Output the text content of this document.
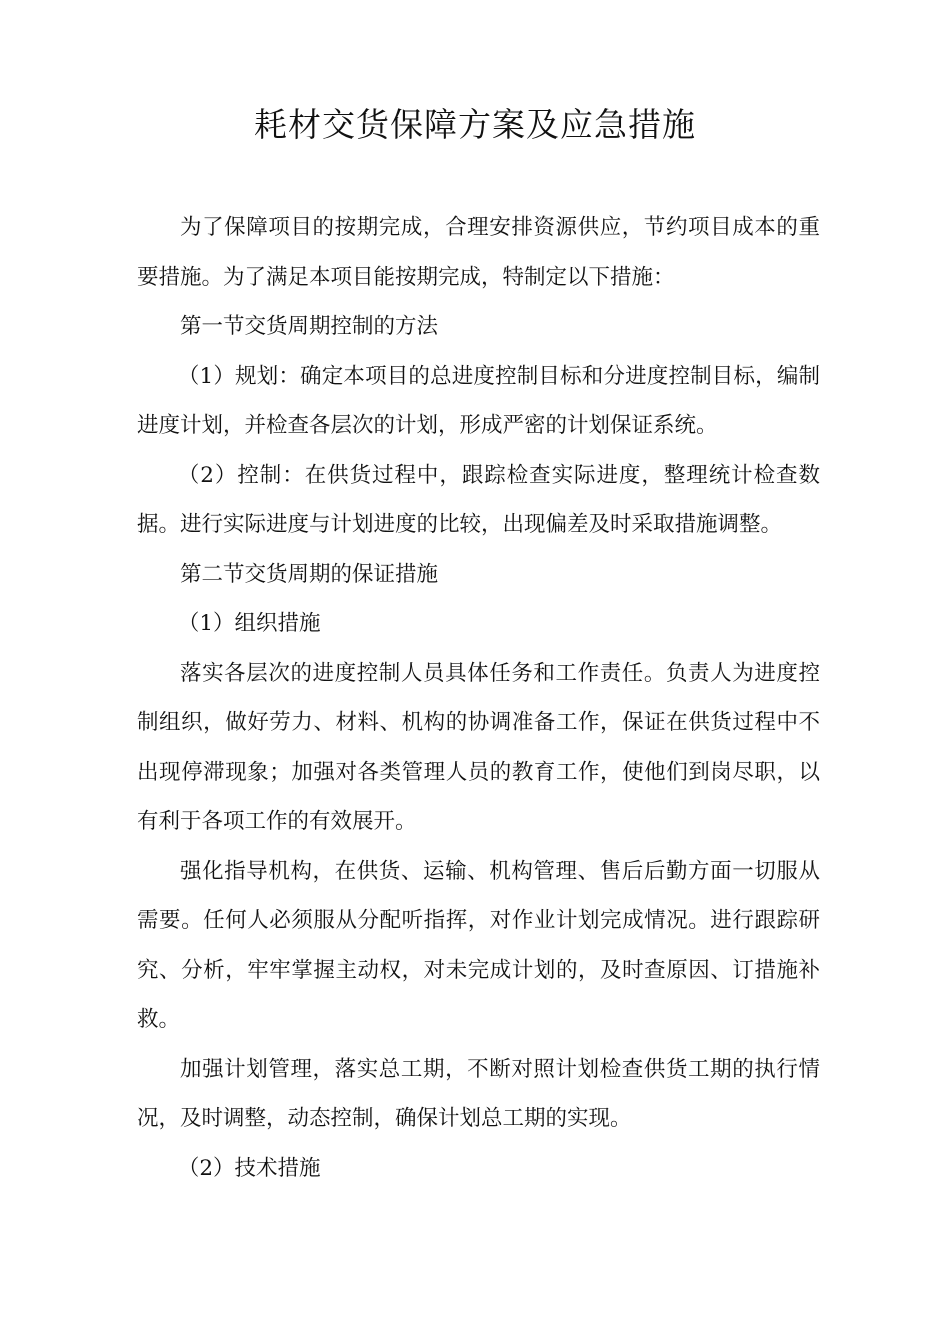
耗材交货保障方案及应急措施

为了保障项目的按期完成，合理安排资源供应，节约项目成本的重要措施。为了满足本项目能按期完成，特制定以下措施：

第一节交货周期控制的方法

（1）规划：确定本项目的总进度控制目标和分进度控制目标，编制进度计划，并检查各层次的计划，形成严密的计划保证系统。

（2）控制：在供货过程中，跟踪检查实际进度，整理统计检查数据。进行实际进度与计划进度的比较，出现偏差及时采取措施调整。

第二节交货周期的保证措施

（1）组织措施

落实各层次的进度控制人员具体任务和工作责任。负责人为进度控制组织，做好劳力、材料、机构的协调准备工作，保证在供货过程中不出现停滞现象；加强对各类管理人员的教育工作，使他们到岗尽职，以有利于各项工作的有效展开。

强化指导机构，在供货、运输、机构管理、售后后勤方面一切服从需要。任何人必须服从分配听指挥，对作业计划完成情况。进行跟踪研究、分析，牢牢掌握主动权，对未完成计划的，及时查原因、订措施补救。

加强计划管理，落实总工期，不断对照计划检查供货工期的执行情况，及时调整，动态控制，确保计划总工期的实现。

（2）技术措施
